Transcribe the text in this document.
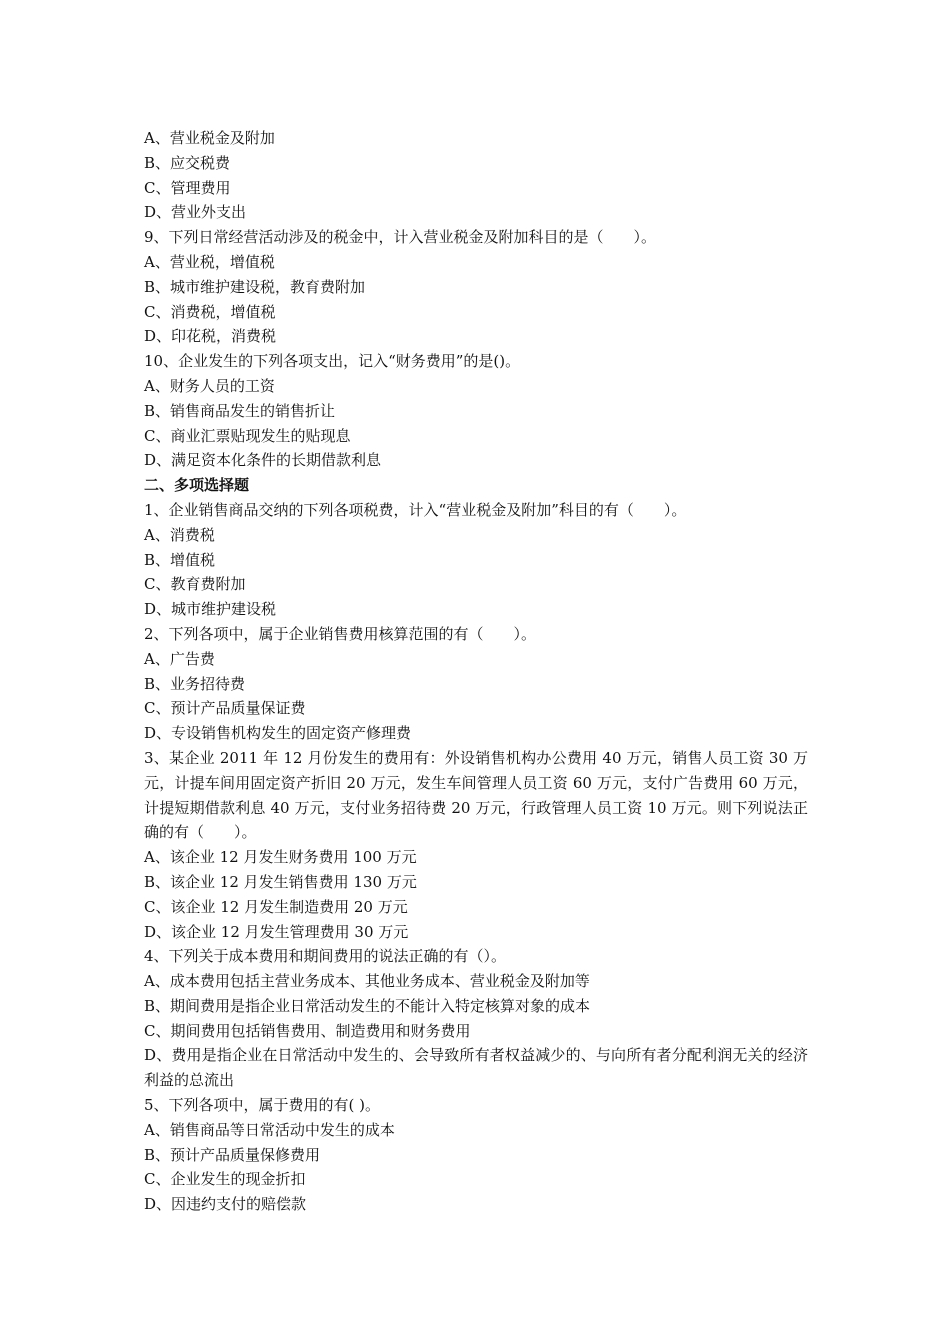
A、营业税金及附加

B、应交税费

C、管理费用

D、营业外支出

9、下列日常经营活动涉及的税金中，计入营业税金及附加科目的是（　　）。

A、营业税，增值税

B、城市维护建设税，教育费附加

C、消费税，增值税

D、印花税，消费税

10、企业发生的下列各项支出，记入“财务费用”的是()。

A、财务人员的工资

B、销售商品发生的销售折让

C、商业汇票贴现发生的贴现息

D、满足资本化条件的长期借款利息

二、多项选择题

1、企业销售商品交纳的下列各项税费，计入“营业税金及附加”科目的有（　　）。

A、消费税

B、增值税

C、教育费附加

D、城市维护建设税

2、下列各项中，属于企业销售费用核算范围的有（　　）。

A、广告费

B、业务招待费

C、预计产品质量保证费

D、专设销售机构发生的固定资产修理费

3、某企业 2011 年 12 月份发生的费用有：外设销售机构办公费用 40 万元，销售人员工资 30 万元，计提车间用固定资产折旧 20 万元，发生车间管理人员工资 60 万元，支付广告费用 60 万元，计提短期借款利息 40 万元，支付业务招待费 20 万元，行政管理人员工资 10 万元。则下列说法正确的有（　　）。

A、该企业 12 月发生财务费用 100 万元

B、该企业 12 月发生销售费用 130 万元

C、该企业 12 月发生制造费用 20 万元

D、该企业 12 月发生管理费用 30 万元

4、下列关于成本费用和期间费用的说法正确的有（）。

A、成本费用包括主营业务成本、其他业务成本、营业税金及附加等

B、期间费用是指企业日常活动发生的不能计入特定核算对象的成本

C、期间费用包括销售费用、制造费用和财务费用

D、费用是指企业在日常活动中发生的、会导致所有者权益减少的、与向所有者分配利润无关的经济利益的总流出

5、下列各项中，属于费用的有( )。

A、销售商品等日常活动中发生的成本

B、预计产品质量保修费用

C、企业发生的现金折扣

D、因违约支付的赔偿款
